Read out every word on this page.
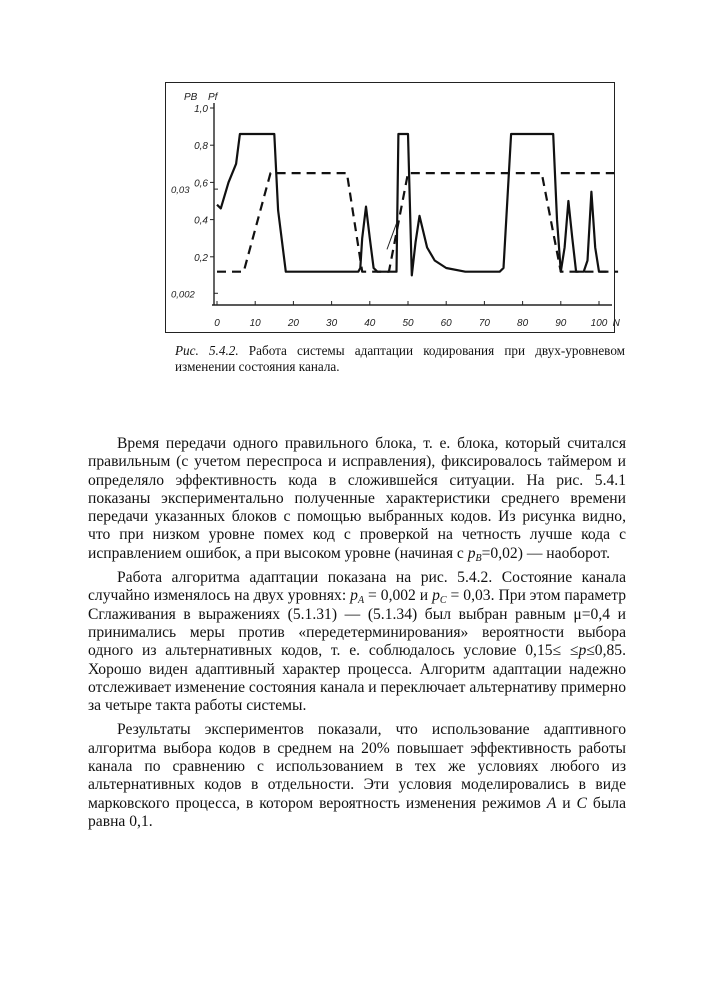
PB Pf
1,0
0,8
0,6
0,4
0,2
0,03
0,002
0	10	20	30	40	50	60	70	80	90 100 N
Рис. 5.4.2. Работа системы адаптации кодирования при двух-уровневом изменении состояния канала.

Время передачи одного правильного блока, т. е. блока, который считался правильным (с учетом переспроса и исправления), фиксировалось таймером и определяло эффективность кода в сложившейся ситуации. На рис. 5.4.1 показаны экспериментально полученные характеристики среднего времени передачи указанных блоков с помощью выбранных кодов. Из рисунка видно, что при низком уровне помех код с проверкой на четность лучше кода с исправлением ошибок, а при высоком уровне (начиная с $p_B=0,02$) — наоборот.

Работа алгоритма адаптации показана на рис. 5.4.2. Состояние канала случайно изменялось на двух уровнях: $p_A = 0,002$ и $p_C = 0,03$. При этом параметр Сглаживания в выражениях (5.1.31) — (5.1.34) был выбран равным μ=0,4 и принимались меры против «передетерминирования» вероятности выбора одного из альтернативных кодов, т. е. соблюдалось условие 0,15≤ ≤p≤0,85. Хорошо виден адаптивный характер процесса. Алгоритм адаптации надежно отслеживает изменение состояния канала и переключает альтернативу примерно за четыре такта работы системы.

Результаты экспериментов показали, что использование адаптивного алгоритма выбора кодов в среднем на 20% повышает эффективность работы канала по сравнению с использованием в тех же условиях любого из альтернативных кодов в отдельности. Эти условия моделировались в виде марковского процесса, в котором вероятность изменения режимов A и C была равна 0,1.
